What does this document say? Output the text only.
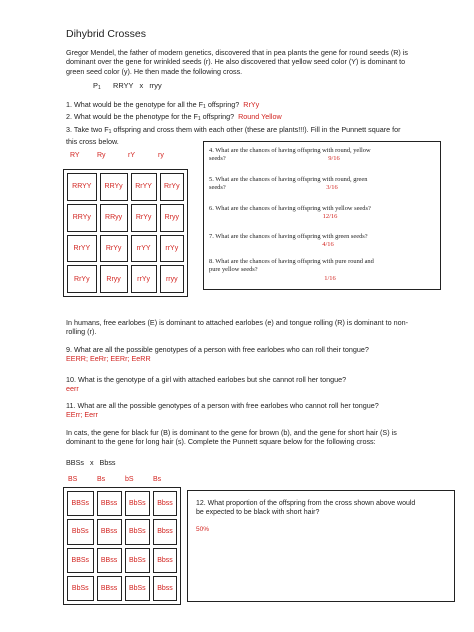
Dihybrid Crosses
Gregor Mendel, the father of modern genetics, discovered that in pea plants the gene for round seeds (R) is
dominant over the gene for wrinkled seeds (r). He also discovered that yellow seed color (Y) is dominant to
green seed color (y). He then made the following cross.
$P_1$ RRYY   x   rryy
1. What would be the genotype for all the $F_1$ offspring?  RrYy
2. What would be the phenotype for the $F_1$ offspring?  Round Yellow
3. Take two $F_1$ offspring and cross them with each other (these are plants!!!). Fill in the Punnett square for
this cross below.
RY Ry	rY	ry
RRYY	RRYy	RrYY	RrYy
RRYy	RRyy	RrYy	Rryy
RrYY	RrYy	rrYY	rrYy
RrYy	Rryy	rrYy	rryy
4. What are the chances of having offspring with round, yellow
seeds?	9/16
5. What are the chances of having offspring with round, green
seeds?	3/16
6. What are the chances of having offspring with yellow seeds?
12/16
7. What are the chances of having offspring with green seeds?
4/16
8. What are the chances of having offspring with pure round and
pure yellow seeds?
1/16
In humans, free earlobes (E) is dominant to attached earlobes (e) and tongue rolling (R) is dominant to non-
rolling (r).
9. What are all the possible genotypes of a person with free earlobes who can roll their tongue?
EERR; EeRr; EERr; EeRR
10. What is the genotype of a girl with attached earlobes but she cannot roll her tongue?
eerr
11. What are all the possible genotypes of a person with free earlobes who cannot roll her tongue?
EErr; Eerr
In cats, the gene for black fur (B) is dominant to the gene for brown (b), and the gene for short hair (S) is
dominant to the gene for long hair (s). Complete the Punnett square below for the following cross:
BBSs   x   Bbss
BS	Bs	bS	Bs
BBSs	BBss	BbSs	Bbss
BbSs	BBss	BbSs	Bbss
BBSs	BBss	BbSs	Bbss
BbSs	BBss	BbSs	Bbss
12. What proportion of the offspring from the cross shown above would
be expected to be black with short hair?
50%
